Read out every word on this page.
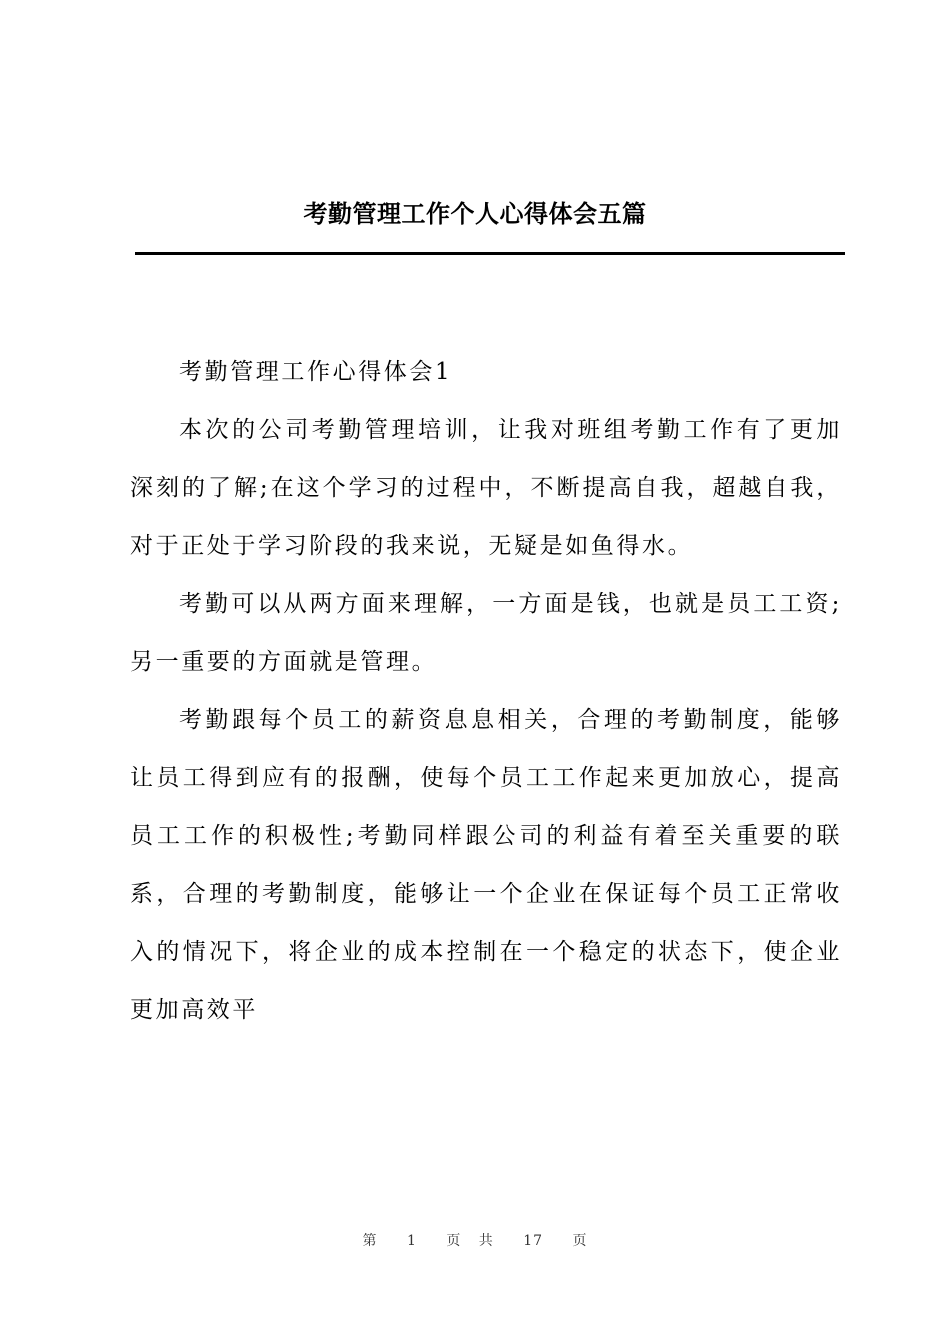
考勤管理工作个人心得体会五篇

考勤管理工作心得体会1

本次的公司考勤管理培训，让我对班组考勤工作有了更加深刻的了解;在这个学习的过程中，不断提高自我，超越自我，对于正处于学习阶段的我来说，无疑是如鱼得水。

考勤可以从两方面来理解，一方面是钱，也就是员工工资;另一重要的方面就是管理。

考勤跟每个员工的薪资息息相关，合理的考勤制度，能够让员工得到应有的报酬，使每个员工工作起来更加放心，提高员工工作的积极性;考勤同样跟公司的利益有着至关重要的联系，合理的考勤制度，能够让一个企业在保证每个员工正常收入的情况下，将企业的成本控制在一个稳定的状态下，使企业更加高效平

第 1 页 共 17 页
